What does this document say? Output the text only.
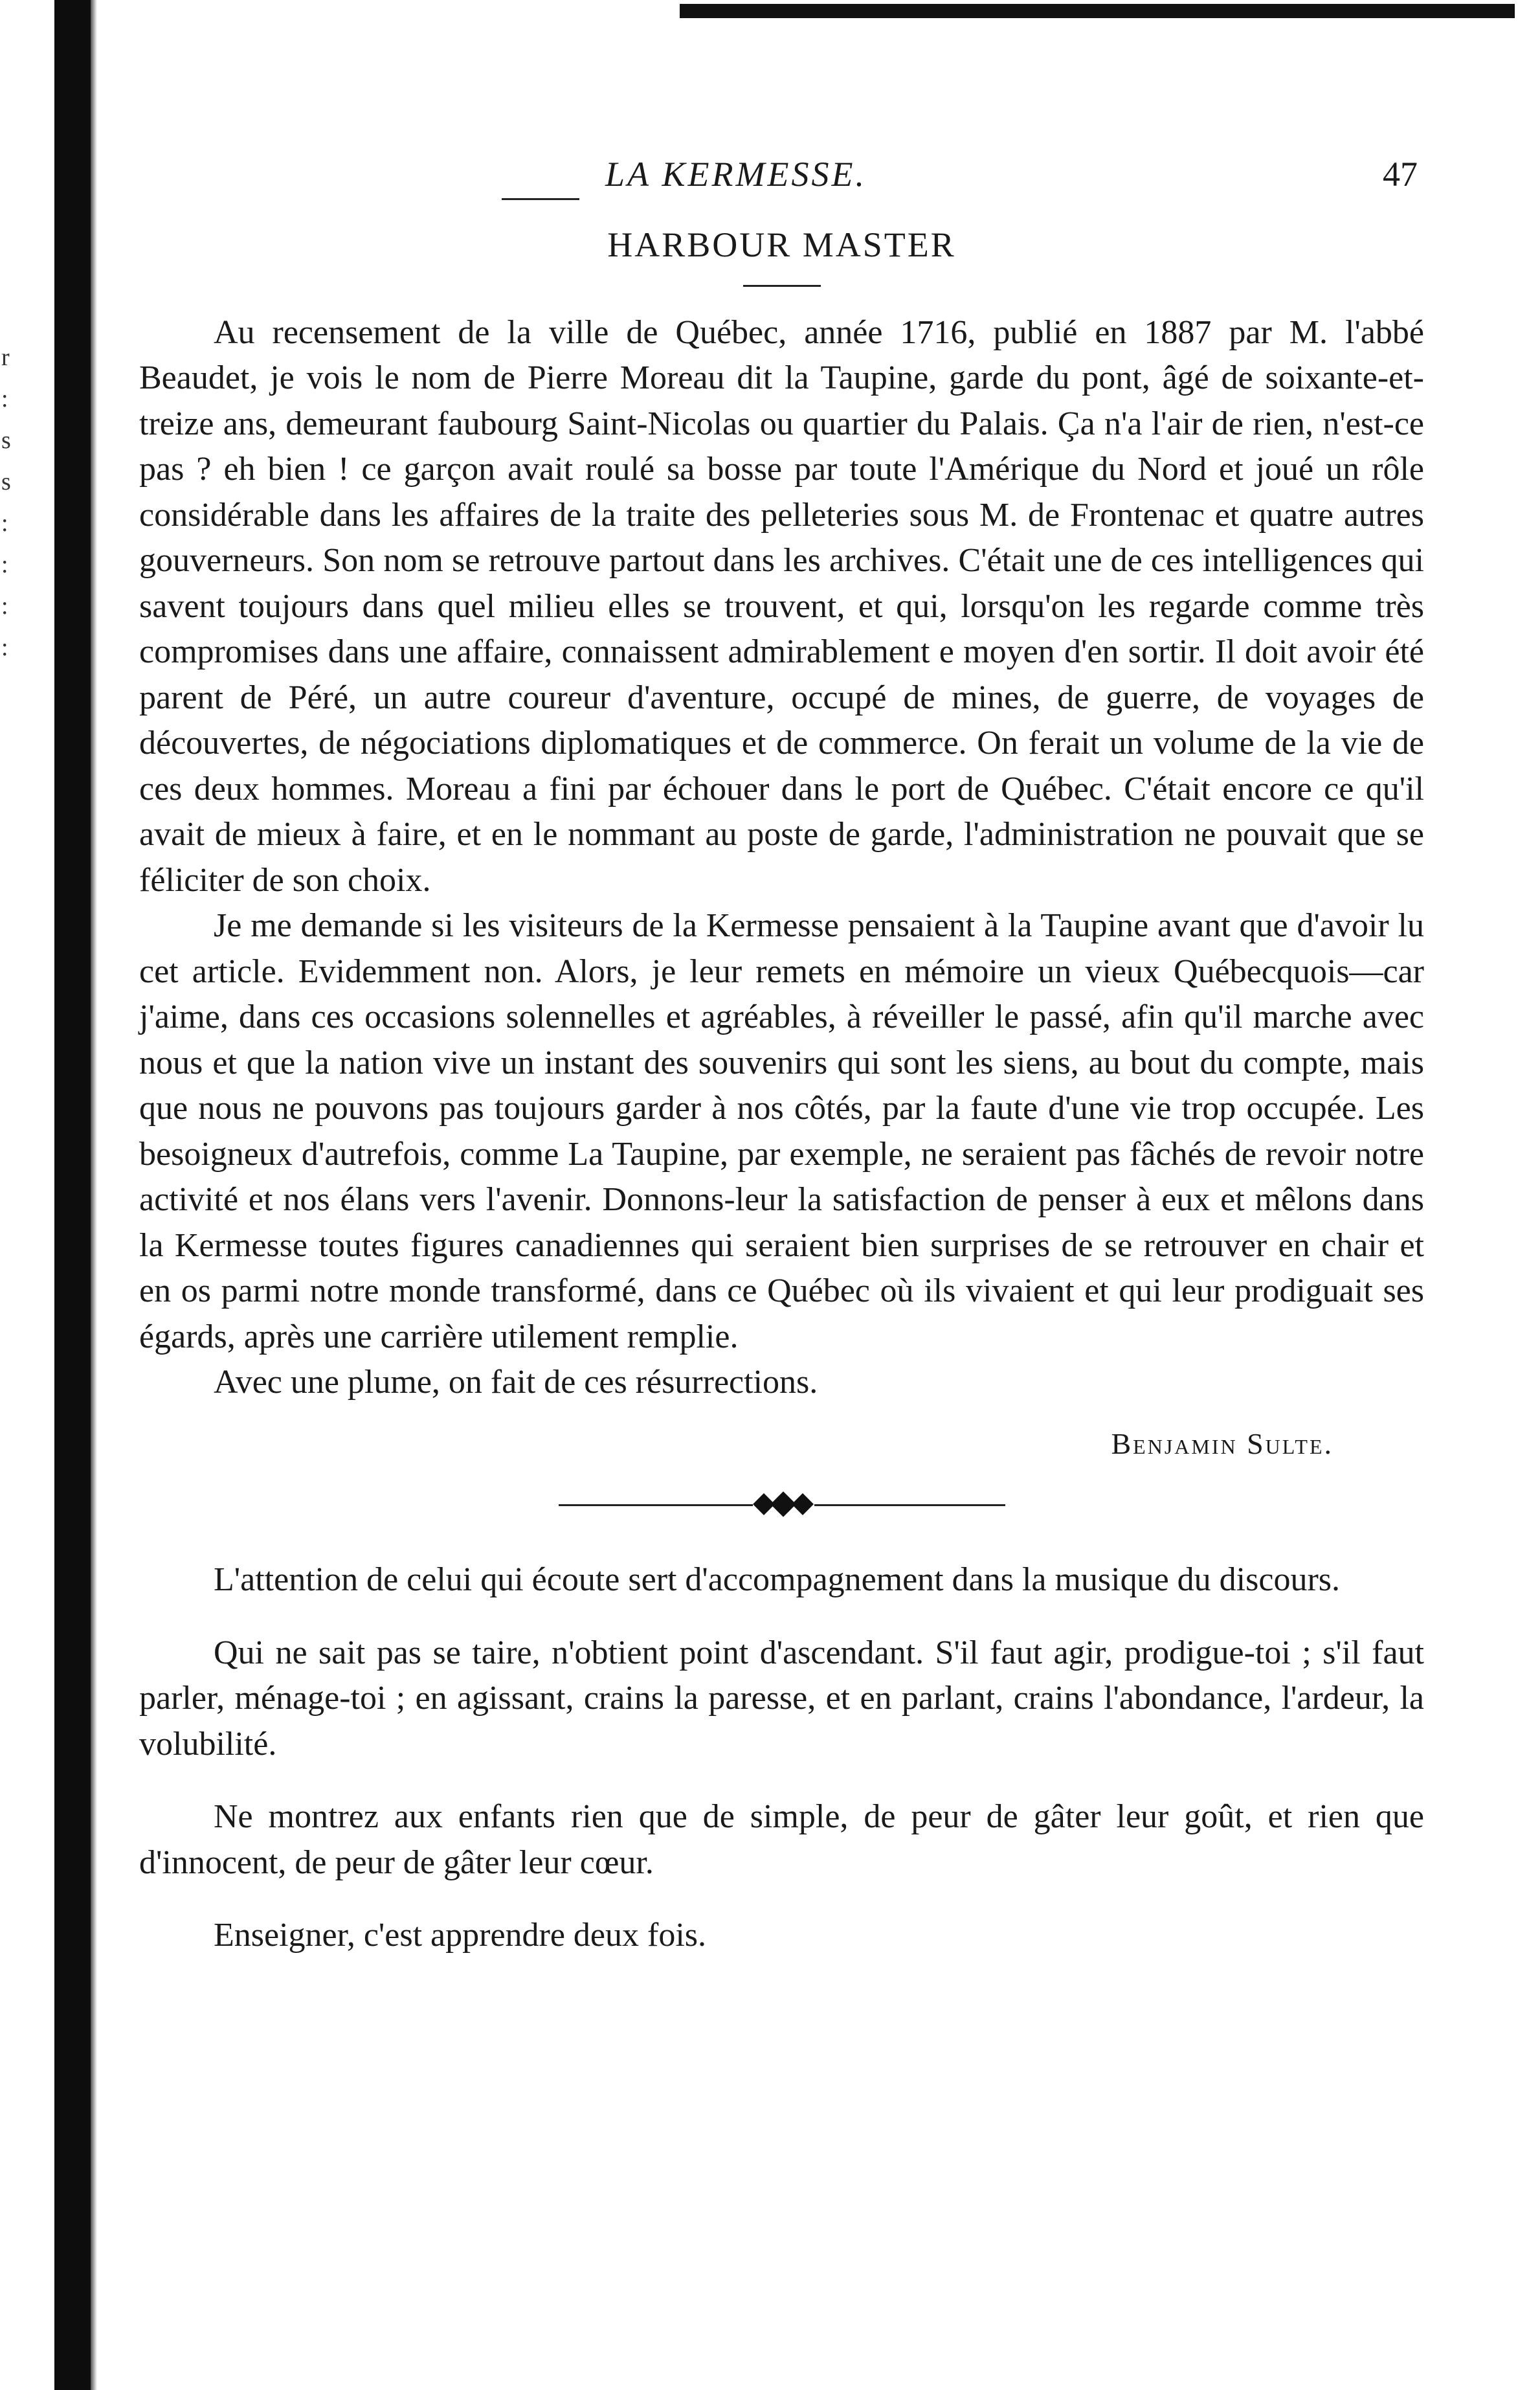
r
:
s
s
:
:
:
:
LA KERMESSE.	47
HARBOUR MASTER

Au recensement de la ville de Québec, année 1716, publié en 1887 par M. l'abbé Beaudet, je vois le nom de Pierre Moreau dit la Taupine, garde du pont, âgé de soixante-et-treize ans, demeurant faubourg Saint-Nicolas ou quartier du Palais. Ça n'a l'air de rien, n'est-ce pas ? eh bien ! ce garçon avait roulé sa bosse par toute l'Amérique du Nord et joué un rôle considérable dans les affaires de la traite des pelleteries sous M. de Frontenac et quatre autres gouverneurs. Son nom se retrouve partout dans les archives. C'était une de ces intelligences qui savent toujours dans quel milieu elles se trouvent, et qui, lorsqu'on les regarde comme très compromises dans une affaire, connaissent admirablement e moyen d'en sortir. Il doit avoir été parent de Péré, un autre coureur d'aventure, occupé de mines, de guerre, de voyages de découvertes, de négociations diplomatiques et de commerce. On ferait un volume de la vie de ces deux hommes. Moreau a fini par échouer dans le port de Québec. C'était encore ce qu'il avait de mieux à faire, et en le nommant au poste de garde, l'administration ne pouvait que se féliciter de son choix.

Je me demande si les visiteurs de la Kermesse pensaient à la Taupine avant que d'avoir lu cet article. Evidemment non. Alors, je leur remets en mémoire un vieux Québecquois—car j'aime, dans ces occasions solennelles et agréables, à réveiller le passé, afin qu'il marche avec nous et que la nation vive un instant des souvenirs qui sont les siens, au bout du compte, mais que nous ne pouvons pas toujours garder à nos côtés, par la faute d'une vie trop occupée. Les besoigneux d'autrefois, comme La Taupine, par exemple, ne seraient pas fâchés de revoir notre activité et nos élans vers l'avenir. Donnons-leur la satisfaction de penser à eux et mêlons dans la Kermesse toutes figures canadiennes qui seraient bien surprises de se retrouver en chair et en os parmi notre monde transformé, dans ce Québec où ils vivaient et qui leur prodiguait ses égards, après une carrière utilement remplie.

Avec une plume, on fait de ces résurrections.

Benjamin Sulte.

L'attention de celui qui écoute sert d'accompagnement dans la musique du discours.

Qui ne sait pas se taire, n'obtient point d'ascendant. S'il faut agir, prodigue-toi ; s'il faut parler, ménage-toi ; en agissant, crains la paresse, et en parlant, crains l'abondance, l'ardeur, la volubilité.

Ne montrez aux enfants rien que de simple, de peur de gâter leur goût, et rien que d'innocent, de peur de gâter leur cœur.

Enseigner, c'est apprendre deux fois.
